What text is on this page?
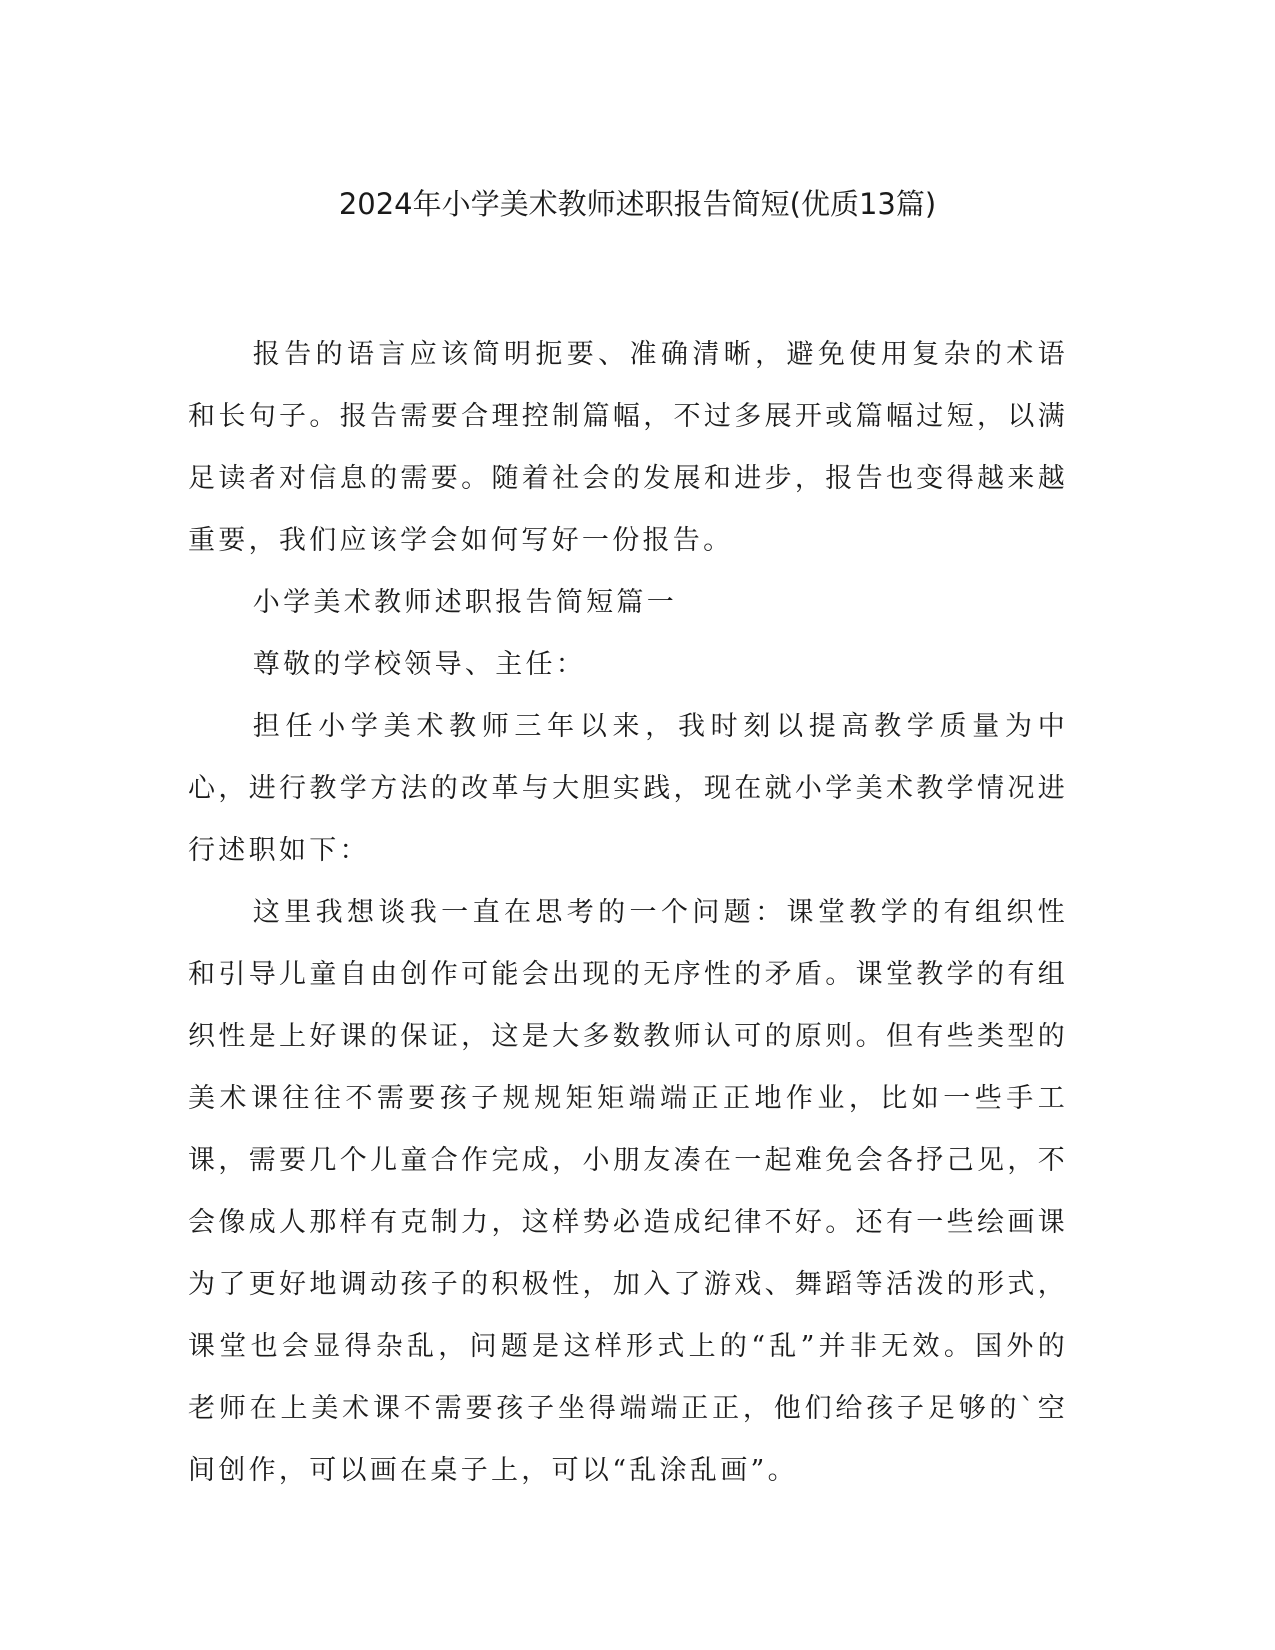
2024年小学美术教师述职报告简短(优质13篇)

报告的语言应该简明扼要、准确清晰，避免使用复杂的术语和长句子。报告需要合理控制篇幅，不过多展开或篇幅过短，以满足读者对信息的需要。随着社会的发展和进步，报告也变得越来越重要，我们应该学会如何写好一份报告。

小学美术教师述职报告简短篇一

尊敬的学校领导、主任：

担任小学美术教师三年以来，我时刻以提高教学质量为中心，进行教学方法的改革与大胆实践，现在就小学美术教学情况进行述职如下：

这里我想谈我一直在思考的一个问题：课堂教学的有组织性和引导儿童自由创作可能会出现的无序性的矛盾。课堂教学的有组织性是上好课的保证，这是大多数教师认可的原则。但有些类型的美术课往往不需要孩子规规矩矩端端正正地作业，比如一些手工课，需要几个儿童合作完成，小朋友凑在一起难免会各抒己见，不会像成人那样有克制力，这样势必造成纪律不好。还有一些绘画课为了更好地调动孩子的积极性，加入了游戏、舞蹈等活泼的形式，课堂也会显得杂乱，问题是这样形式上的“乱”并非无效。国外的老师在上美术课不需要孩子坐得端端正正，他们给孩子足够的`空间创作，可以画在桌子上，可以“乱涂乱画”。
